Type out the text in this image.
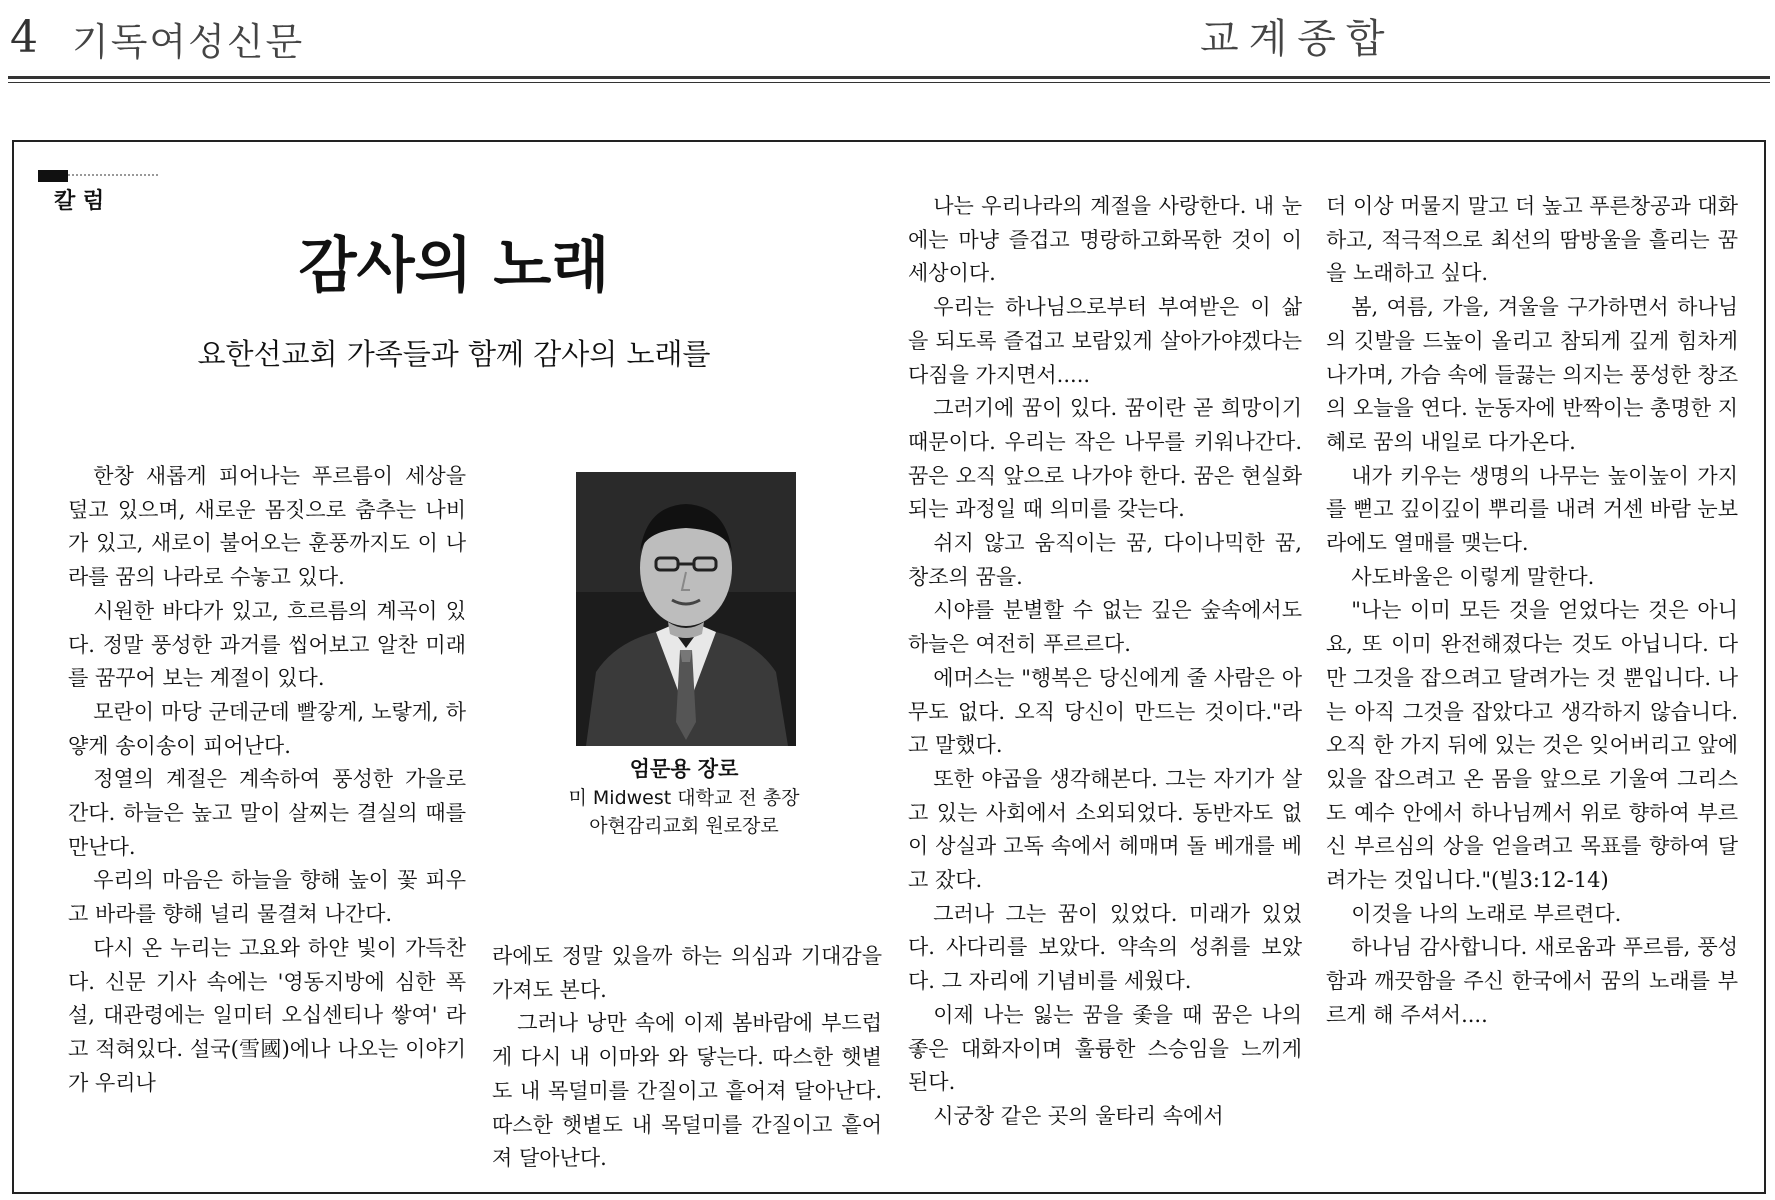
4 기독여성신문	교계종합
칼 럼
감사의 노래
요한선교회 가족들과 함께 감사의 노래를

한창 새롭게 피어나는 푸르름이 세상을 덮고 있으며, 새로운 몸짓으로 춤추는 나비가 있고, 새로이 불어오는 훈풍까지도 이 나라를 꿈의 나라로 수놓고 있다.

시원한 바다가 있고, 흐르름의 계곡이 있다. 정말 풍성한 과거를 씹어보고 알찬 미래를 꿈꾸어 보는 계절이 있다.

모란이 마당 군데군데 빨갛게, 노랗게, 하얗게 송이송이 피어난다.

정열의 계절은 계속하여 풍성한 가을로 간다. 하늘은 높고 말이 살찌는 결실의 때를 만난다.

우리의 마음은 하늘을 향해 높이 꽃 피우고 바라를 향해 널리 물결쳐 나간다.

다시 온 누리는 고요와 하얀 빛이 가득찬다. 신문 기사 속에는 '영동지방에 심한 폭설, 대관령에는 일미터 오십센티나 쌓여' 라고 적혀있다. 설국(雪國)에나 나오는 이야기가 우리나

엄문용 장로
미 Midwest 대학교 전 총장
아현감리교회 원로장로

라에도 정말 있을까 하는 의심과 기대감을 가져도 본다.

그러나 낭만 속에 이제 봄바람에 부드럽게 다시 내 이마와 와 닿는다. 따스한 햇볕도 내 목덜미를 간질이고 흩어져 달아난다. 따스한 햇볕도 내 목덜미를 간질이고 흩어져 달아난다.

나는 우리나라의 계절을 사랑한다. 내 눈에는 마냥 즐겁고 명랑하고화목한 것이 이 세상이다.

우리는 하나님으로부터 부여받은 이 삶을 되도록 즐겁고 보람있게 살아가야겠다는 다짐을 가지면서.....

그러기에 꿈이 있다. 꿈이란 곧 희망이기 때문이다. 우리는 작은 나무를 키워나간다. 꿈은 오직 앞으로 나가야 한다. 꿈은 현실화되는 과정일 때 의미를 갖는다.

쉬지 않고 움직이는 꿈, 다이나믹한 꿈, 창조의 꿈을.

시야를 분별할 수 없는 깊은 숲속에서도 하늘은 여전히 푸르르다.

에머스는 "행복은 당신에게 줄 사람은 아무도 없다. 오직 당신이 만드는 것이다."라고 말했다.

또한 야곱을 생각해본다. 그는 자기가 살고 있는 사회에서 소외되었다. 동반자도 없이 상실과 고독 속에서 헤매며 돌 베개를 베고 잤다.

그러나 그는 꿈이 있었다. 미래가 있었다. 사다리를 보았다. 약속의 성취를 보았다. 그 자리에 기념비를 세웠다.

이제 나는 잃는 꿈을 좇을 때 꿈은 나의 좋은 대화자이며 훌륭한 스승임을 느끼게 된다.

시궁창 같은 곳의 울타리 속에서

더 이상 머물지 말고 더 높고 푸른창공과 대화하고, 적극적으로 최선의 땀방울을 흘리는 꿈을 노래하고 싶다.

봄, 여름, 가을, 겨울을 구가하면서 하나님의 깃발을 드높이 올리고 참되게 깊게 힘차게 나가며, 가슴 속에 들끓는 의지는 풍성한 창조의 오늘을 연다. 눈동자에 반짝이는 총명한 지혜로 꿈의 내일로 다가온다.

내가 키우는 생명의 나무는 높이높이 가지를 뻗고 깊이깊이 뿌리를 내려 거센 바람 눈보라에도 열매를 맺는다.

사도바울은 이렇게 말한다.

"나는 이미 모든 것을 얻었다는 것은 아니요, 또 이미 완전해졌다는 것도 아닙니다. 다만 그것을 잡으려고 달려가는 것 뿐입니다. 나는 아직 그것을 잡았다고 생각하지 않습니다. 오직 한 가지 뒤에 있는 것은 잊어버리고 앞에 있을 잡으려고 온 몸을 앞으로 기울여 그리스도 예수 안에서 하나님께서 위로 향하여 부르신 부르심의 상을 얻을려고 목표를 향하여 달려가는 것입니다."(빌3:12-14)

이것을 나의 노래로 부르련다.

하나님 감사합니다. 새로움과 푸르름, 풍성함과 깨끗함을 주신 한국에서 꿈의 노래를 부르게 해 주셔서....
